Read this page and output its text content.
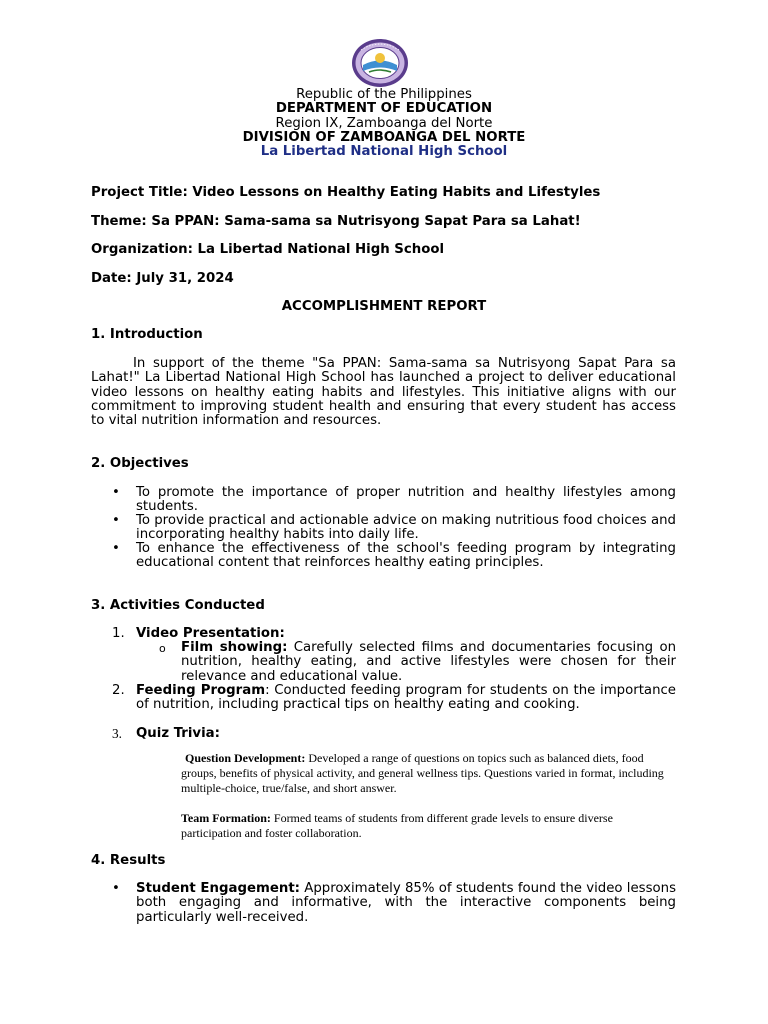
Republic of the Philippines
DEPARTMENT OF EDUCATION
Region IX, Zamboanga del Norte
DIVISION OF ZAMBOANGA DEL NORTE
La Libertad National High School
Project Title: Video Lessons on Healthy Eating Habits and Lifestyles
Theme: Sa PPAN: Sama-sama sa Nutrisyong Sapat Para sa Lahat!
Organization: La Libertad National High School
Date: July 31, 2024
ACCOMPLISHMENT REPORT
1. Introduction
In support of the theme "Sa PPAN: Sama-sama sa Nutrisyong Sapat Para sa Lahat!" La Libertad National High School has launched a project to deliver educational video lessons on healthy eating habits and lifestyles. This initiative aligns with our commitment to improving student health and ensuring that every student has access to vital nutrition information and resources.
2. Objectives
• To promote the importance of proper nutrition and healthy lifestyles among students.
• To provide practical and actionable advice on making nutritious food choices and incorporating healthy habits into daily life.
• To enhance the effectiveness of the school's feeding program by integrating educational content that reinforces healthy eating principles.
3. Activities Conducted
1. Video Presentation:
o Film showing: Carefully selected films and documentaries focusing on nutrition, healthy eating, and active lifestyles were chosen for their relevance and educational value.
2. Feeding Program: Conducted feeding program for students on the importance of nutrition, including practical tips on healthy eating and cooking.
3. Quiz Trivia:
Question Development: Developed a range of questions on topics such as balanced diets, food groups, benefits of physical activity, and general wellness tips. Questions varied in format, including multiple-choice, true/false, and short answer.
Team Formation: Formed teams of students from different grade levels to ensure diverse participation and foster collaboration.
4. Results
• Student Engagement: Approximately 85% of students found the video lessons both engaging and informative, with the interactive components being particularly well-received.
